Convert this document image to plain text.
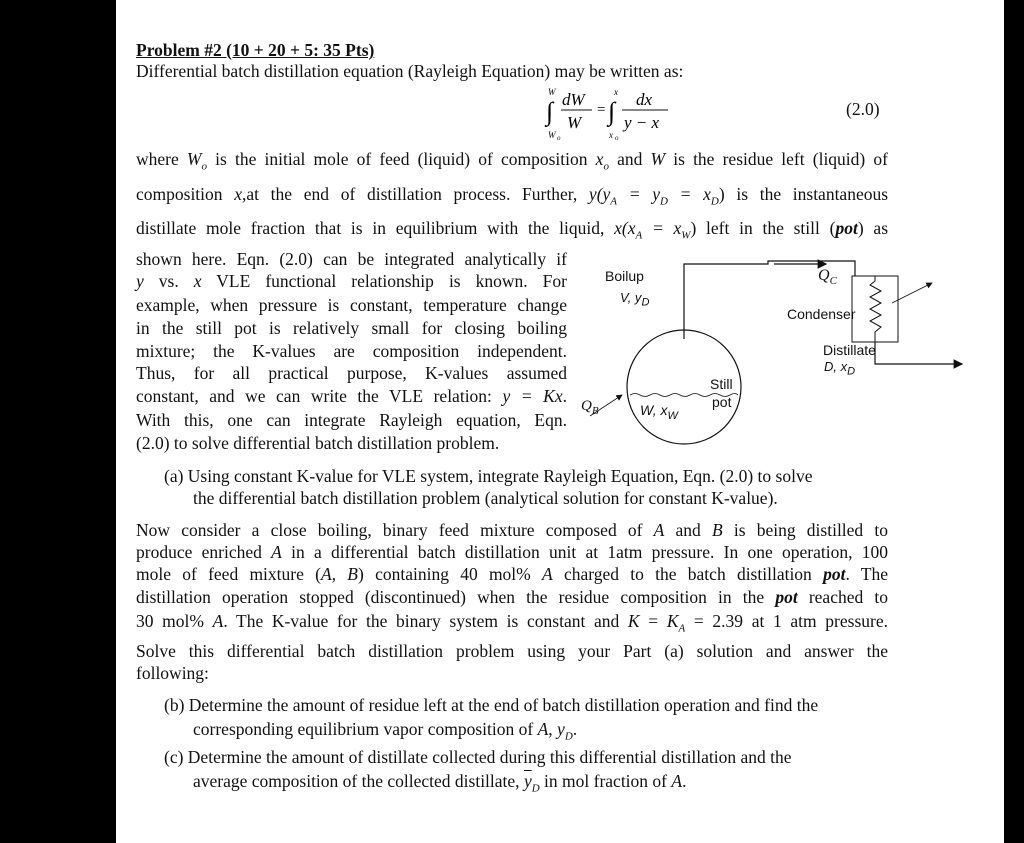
Problem #2 (10 + 20 + 5: 35 Pts)
Differential batch distillation equation (Rayleigh Equation) may be written as:
W
∫
W o
dW
W
=
x
∫
x o
dx
y − x
(2.0)
where $W_o$ is the initial mole of feed (liquid) of composition $x_o$ and W is the residue left (liquid) of
composition x,at the end of distillation process. Further, $y(y_A = y_D = x_D)$ is the instantaneous
distillate mole fraction that is in equilibrium with the liquid, $x(x_A = x_W)$ left in the still (pot) as
shown here. Eqn. (2.0) can be integrated analytically if
y vs. x VLE functional relationship is known. For
example, when pressure is constant, temperature change
in the still pot is relatively small for closing boiling
mixture; the K-values are composition independent.
Thus, for all practical purpose, K-values assumed
constant, and we can write the VLE relation: y = Kx.
With this, one can integrate Rayleigh equation, Eqn.
(2.0) to solve differential batch distillation problem.
Boilup
V, $y_D$
$Q_C$
Condenser
Distillate
D, $x_D$
Still
pot
W, $x_W$
$Q_B$
(a) Using constant K-value for VLE system, integrate Rayleigh Equation, Eqn. (2.0) to solve
the differential batch distillation problem (analytical solution for constant K-value).
Now consider a close boiling, binary feed mixture composed of A and B is being distilled to
produce enriched A in a differential batch distillation unit at 1atm pressure. In one operation, 100
mole of feed mixture (A, B) containing 40 mol% A charged to the batch distillation pot. The
distillation operation stopped (discontinued) when the residue composition in the pot reached to
30 mol% A. The K-value for the binary system is constant and $K = K_A = 2.39$ at 1 atm pressure.
Solve this differential batch distillation problem using your Part (a) solution and answer the
following:
(b) Determine the amount of residue left at the end of batch distillation operation and find the
corresponding equilibrium vapor composition of A, $y_D$.
(c) Determine the amount of distillate collected during this differential distillation and the
average composition of the collected distillate, $\overline{y}_D$ in mol fraction of A.
